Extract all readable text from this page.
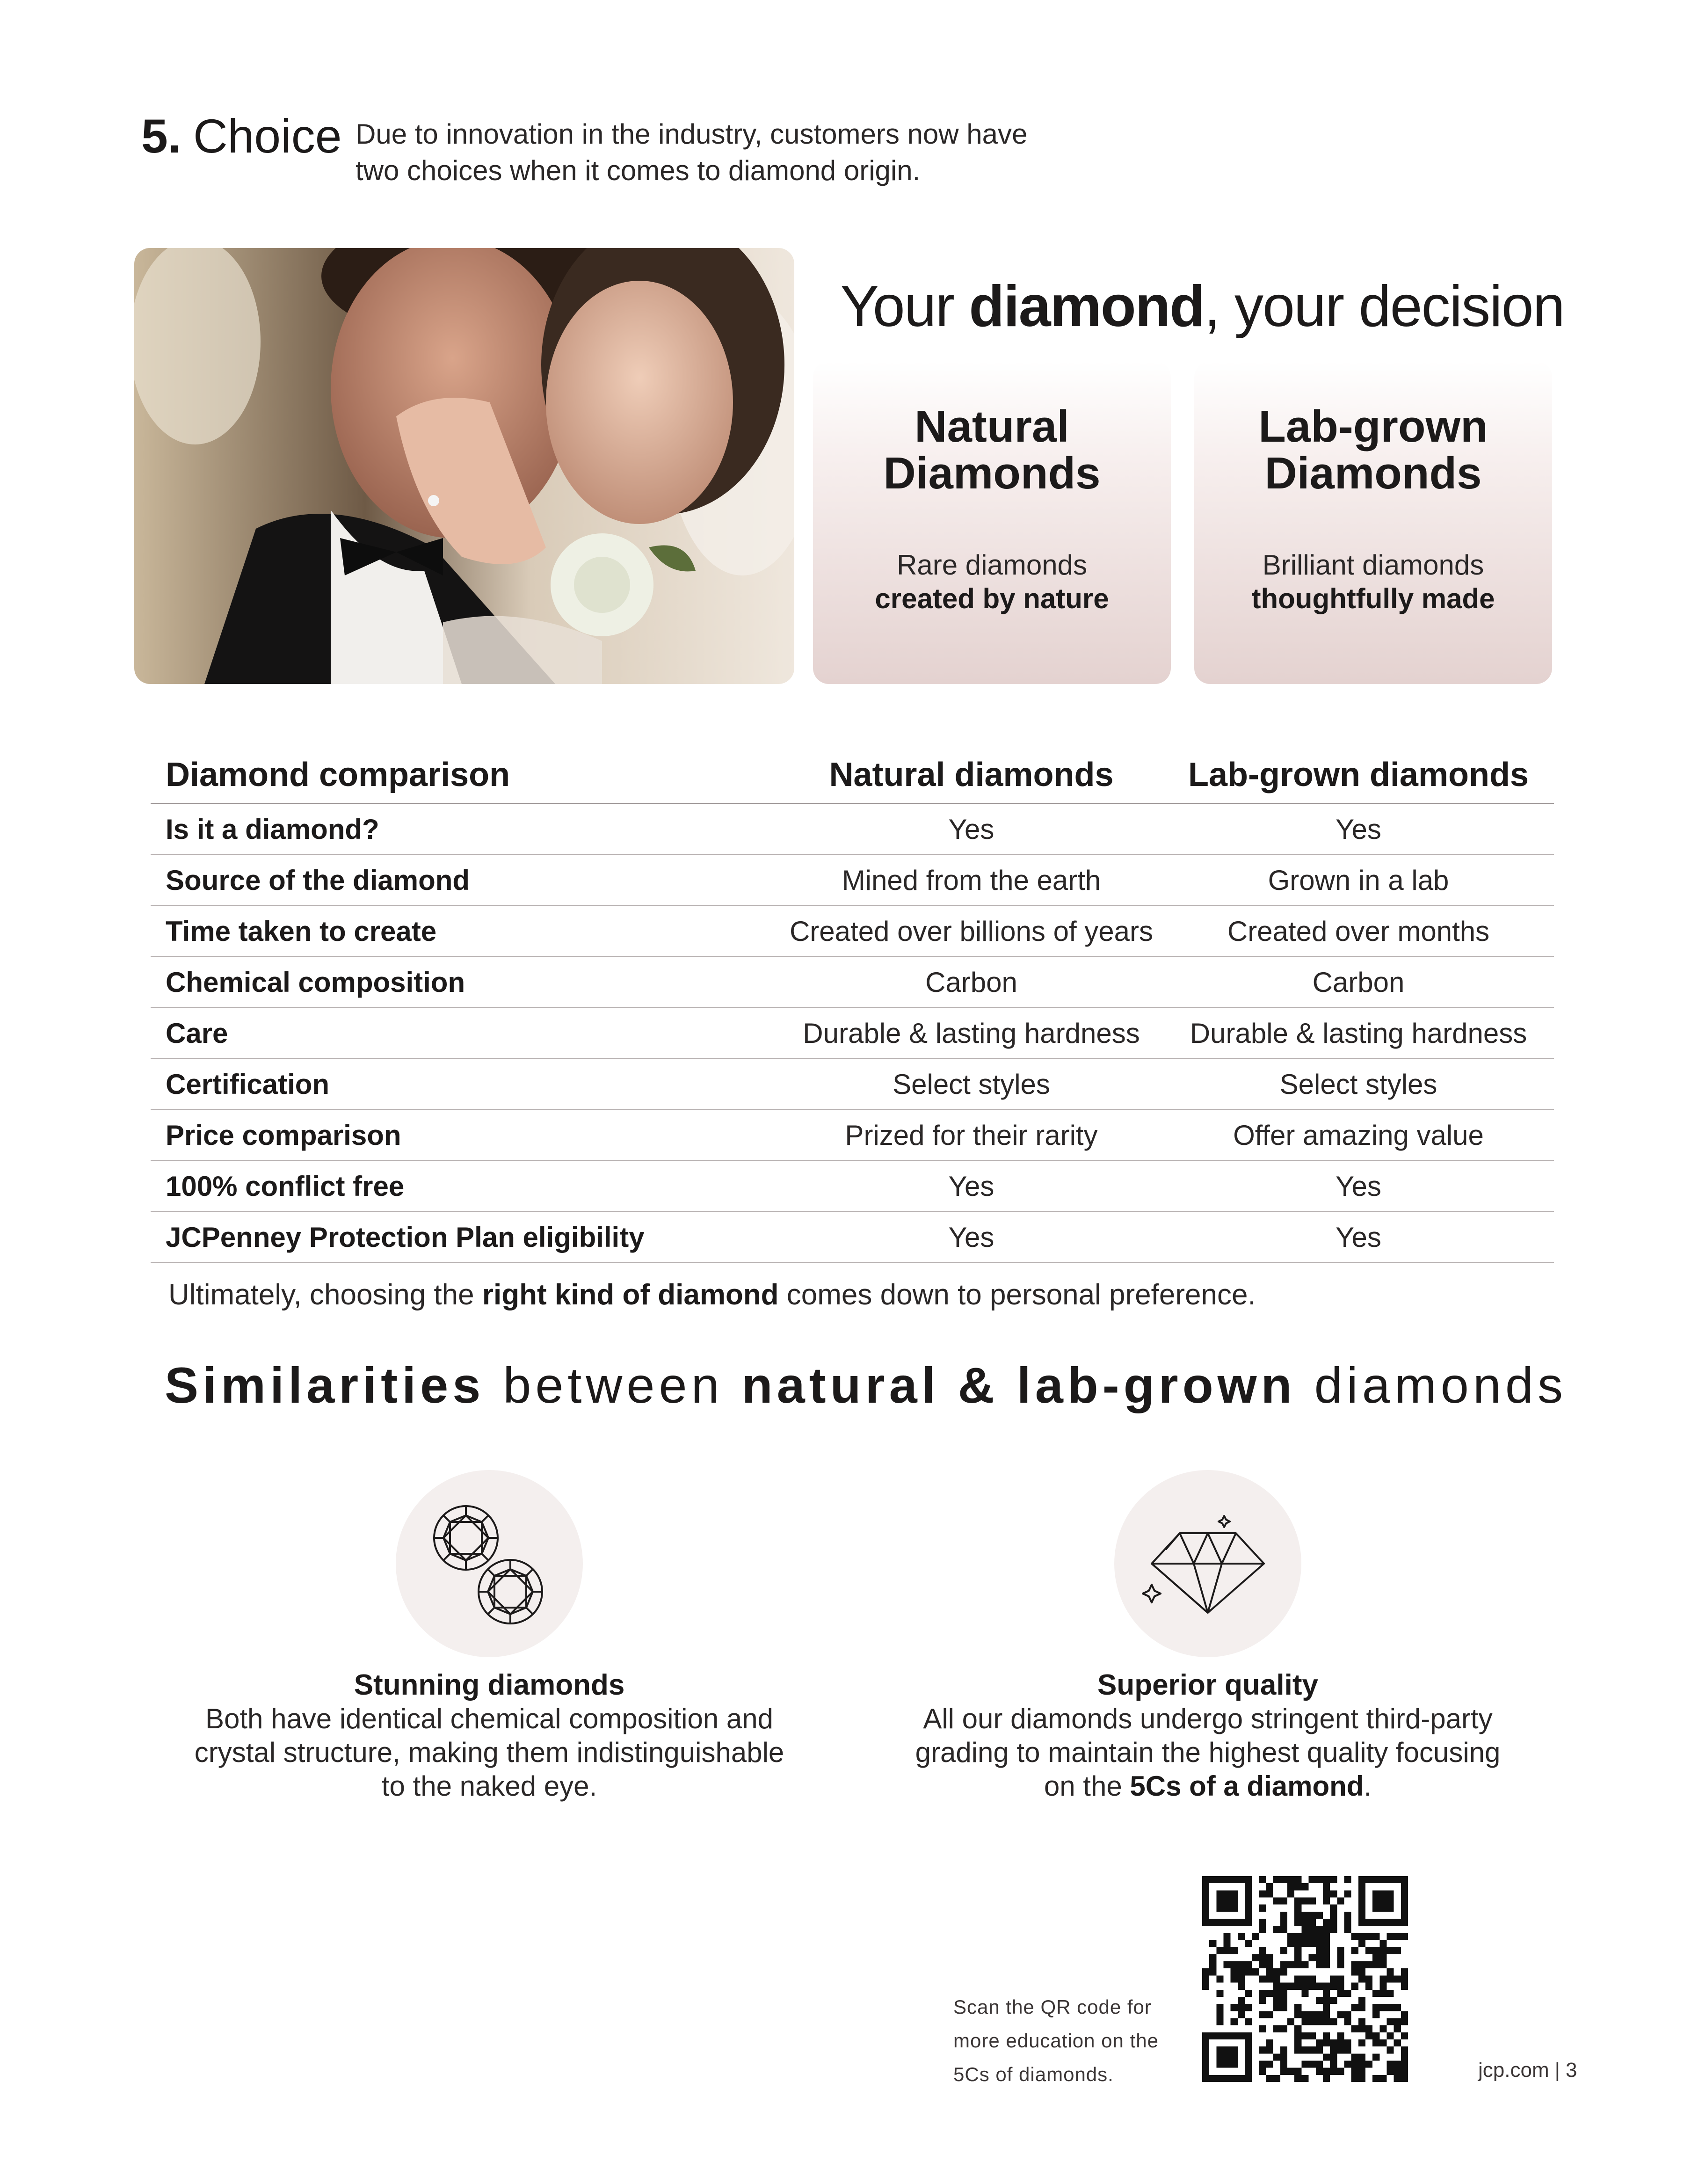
5. Choice Due to innovation in the industry, customers now have
two choices when it comes to diamond origin.
Your diamond, your decision
Natural
Diamonds
Rare diamonds
created by nature
Lab-grown
Diamonds
Brilliant diamonds
thoughtfully made
Diamond comparison	Natural diamonds	Lab-grown diamonds
Is it a diamond?	Yes	Yes
Source of the diamond	Mined from the earth	Grown in a lab
Time taken to create	Created over billions of years	Created over months
Chemical composition	Carbon	Carbon
Care	Durable & lasting hardness	Durable & lasting hardness
Certification	Select styles	Select styles
Price comparison	Prized for their rarity	Offer amazing value
100% conflict free	Yes	Yes
JCPenney Protection Plan eligibility	Yes	Yes
Ultimately, choosing the right kind of diamond comes down to personal preference.
Similarities between natural & lab-grown diamonds
Stunning diamonds
Both have identical chemical composition and
crystal structure, making them indistinguishable
to the naked eye.
Superior quality
All our diamonds undergo stringent third-party
grading to maintain the highest quality focusing
on the 5Cs of a diamond.
Scan the QR code for
more education on the
5Cs of diamonds.	jcp.com | 3
